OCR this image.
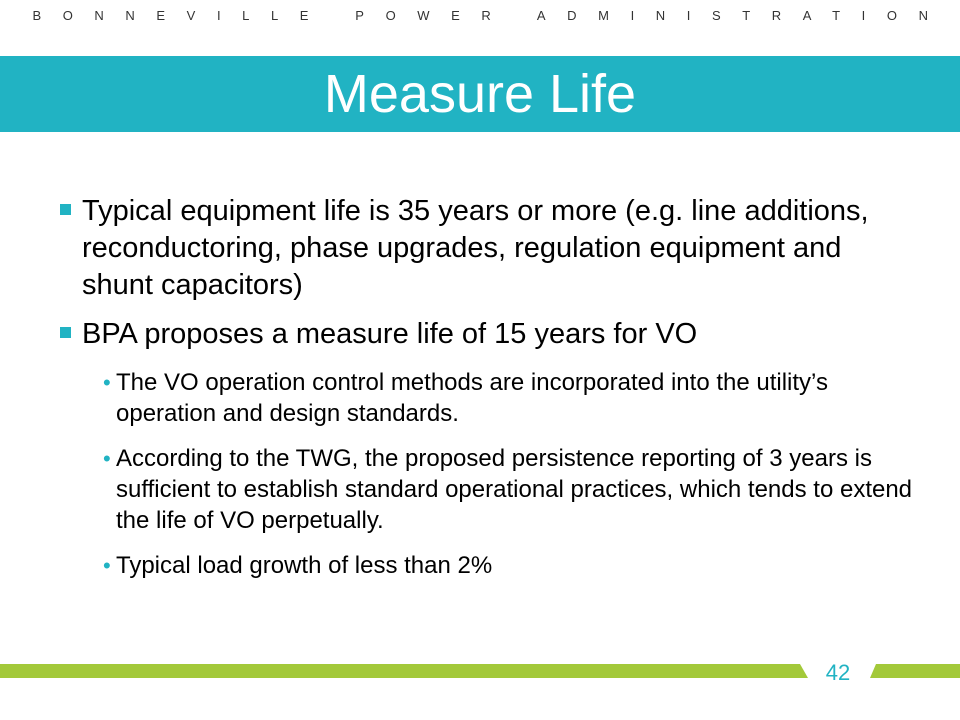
BONNEVILLE POWER ADMINISTRATION
Measure Life
Typical equipment life is 35 years or more (e.g. line additions, reconductoring, phase upgrades, regulation equipment and shunt capacitors)
BPA proposes a measure life of 15 years for VO
• The VO operation control methods are incorporated into the utility’s operation and design standards.
• According to the TWG, the proposed persistence reporting of 3 years is sufficient to establish standard operational practices, which tends to extend the life of VO perpetually.
• Typical load growth of less than 2%
42
